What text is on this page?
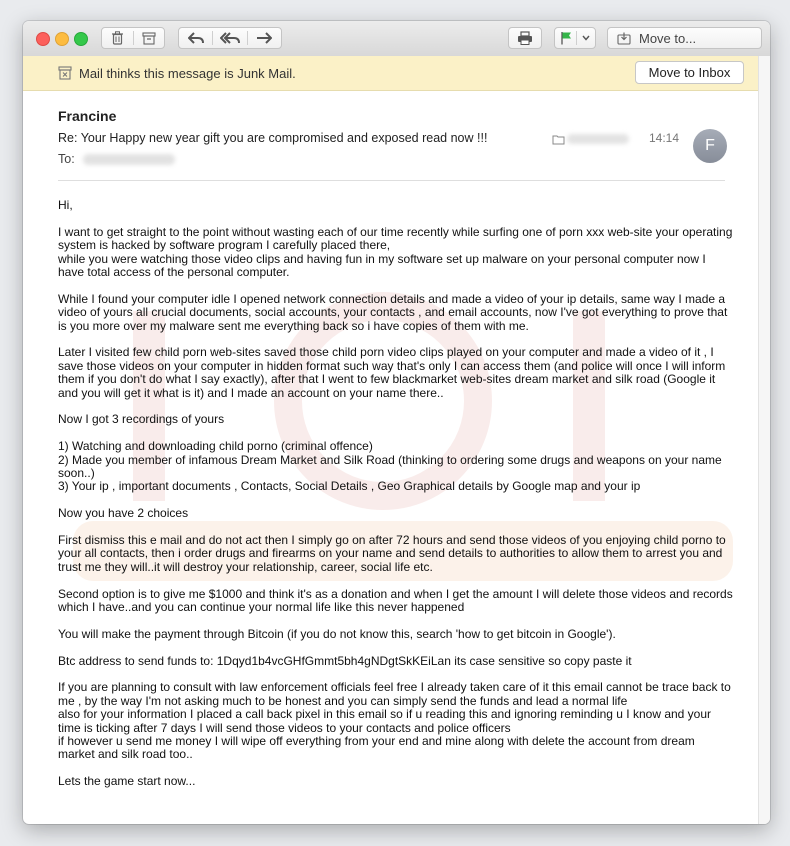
Move to...
Mail thinks this message is Junk Mail.	Move to Inbox
Francine
Re: Your Happy new year gift you are compromised and exposed read now !!!
To:
14:14	F

Hi,

I want to get straight to the point without wasting each of our time recently while surfing one of porn xxx web-site your operating system is hacked by software program I carefully placed there,
while you were watching those video clips and having fun in my software set up malware on your personal computer now I have total access of the personal computer.

While I found your computer idle I opened network connection details and made a video of your ip details, same way I made a video of yours all crucial documents, social accounts, your contacts , and email accounts, now I've got everything to prove that is you more over my malware sent me everything back so i have copies of them with me.

Later I visited few child porn web-sites saved those child porn video clips played on your computer and made a video of it , I save those videos on your computer in hidden format such way that's only I can access them (and police will once I will inform them if you don't do what I say exactly), after that I went to few blackmarket web-sites dream market and silk road (Google it and you will get it what is it) and I made an account on your name there..

Now I got 3 recordings of yours

1) Watching and downloading child porno (criminal offence)
2) Made you member of infamous Dream Market and Silk Road (thinking to ordering some drugs and weapons on your name soon..)
3) Your ip , important documents , Contacts, Social Details , Geo Graphical details by Google map and your ip

Now you have 2 choices

First dismiss this e mail and do not act then I simply go on after 72 hours and send those videos of you enjoying child porno to your all contacts, then i order drugs and firearms on your name and send details to authorities to allow them to arrest you and trust me they will..it will destroy your relationship, career, social life etc.

Second option is to give me $1000 and think it's as a donation and when I get the amount I will delete those videos and records which I have..and you can continue your normal life like this never happened

You will make the payment through Bitcoin (if you do not know this, search 'how to get bitcoin in Google').

Btc address to send funds to: 1Dqyd1b4vcGHfGmmt5bh4gNDgtSkKEiLan its case sensitive so copy paste it

If you are planning to consult with law enforcement officials feel free I already taken care of it this email cannot be trace back to me , by the way I'm not asking much to be honest and you can simply send the funds and lead a normal life
also for your information I placed a call back pixel in this email so if u reading this and ignoring reminding u I know and your time is ticking after 7 days I will send those videos to your contacts and police officers
if however u send me money I will wipe off everything from your end and mine along with delete the account from dream market and silk road too..

Lets the game start now...
